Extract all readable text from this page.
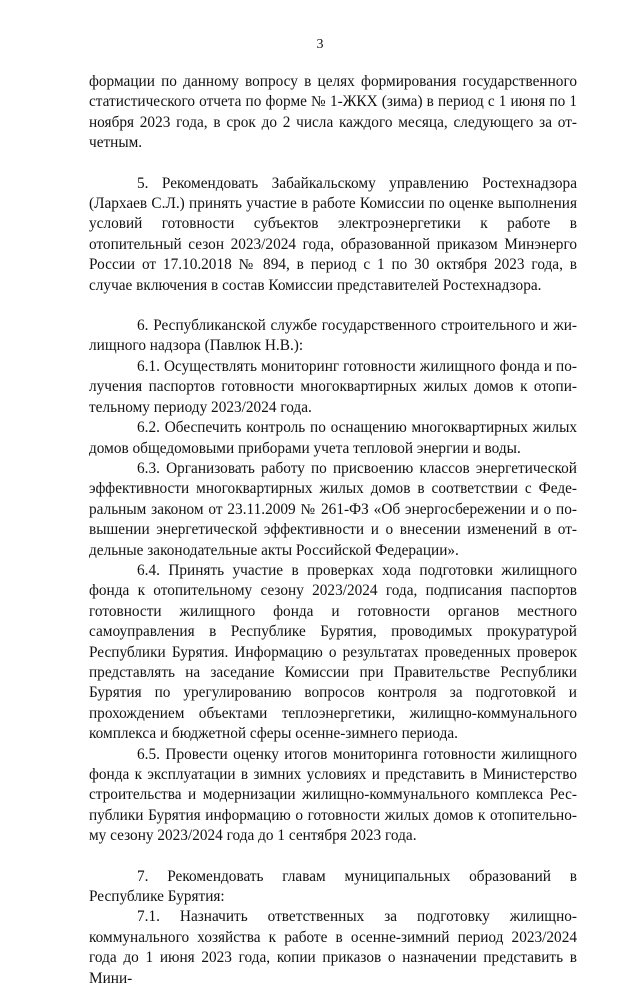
3

формации по данному вопросу в целях формирования государственного статистического отчета по форме № 1-ЖКХ (зима) в период с 1 июня по 1 ноября 2023 года, в срок до 2 числа каждого месяца, следующего за отчетным.

5. Рекомендовать Забайкальскому управлению Ростехнадзора (Лархаев С.Л.) принять участие в работе Комиссии по оценке выполнения условий готовности субъектов электроэнергетики к работе в отопительный сезон 2023/2024 года, образованной приказом Минэнерго России от 17.10.2018 № 894, в период с 1 по 30 октября 2023 года, в случае включения в состав Комиссии представителей Ростехнадзора.

6. Республиканской службе государственного строительного и жилищного надзора (Павлюк Н.В.):

6.1. Осуществлять мониторинг готовности жилищного фонда и получения паспортов готовности многоквартирных жилых домов к отопительному периоду 2023/2024 года.

6.2. Обеспечить контроль по оснащению многоквартирных жилых домов общедомовыми приборами учета тепловой энергии и воды.

6.3. Организовать работу по присвоению классов энергетической эффективности многоквартирных жилых домов в соответствии с Федеральным законом от 23.11.2009 № 261-ФЗ «Об энергосбережении и о повышении энергетической эффективности и о внесении изменений в отдельные законодательные акты Российской Федерации».

6.4. Принять участие в проверках хода подготовки жилищного фонда к отопительному сезону 2023/2024 года, подписания паспортов готовности жилищного фонда и готовности органов местного самоуправления в Республике Бурятия, проводимых прокуратурой Республики Бурятия. Информацию о результатах проведенных проверок представлять на заседание Комиссии при Правительстве Республики Бурятия по урегулированию вопросов контроля за подготовкой и прохождением объектами теплоэнергетики, жилищно-коммунального комплекса и бюджетной сферы осенне-зимнего периода.

6.5. Провести оценку итогов мониторинга готовности жилищного фонда к эксплуатации в зимних условиях и представить в Министерство строительства и модернизации жилищно-коммунального комплекса Республики Бурятия информацию о готовности жилых домов к отопительному сезону 2023/2024 года до 1 сентября 2023 года.

7. Рекомендовать главам муниципальных образований в Республике Бурятия:

7.1. Назначить ответственных за подготовку жилищно-коммунального хозяйства к работе в осенне-зимний период 2023/2024 года до 1 июня 2023 года, копии приказов о назначении представить в Мини-
